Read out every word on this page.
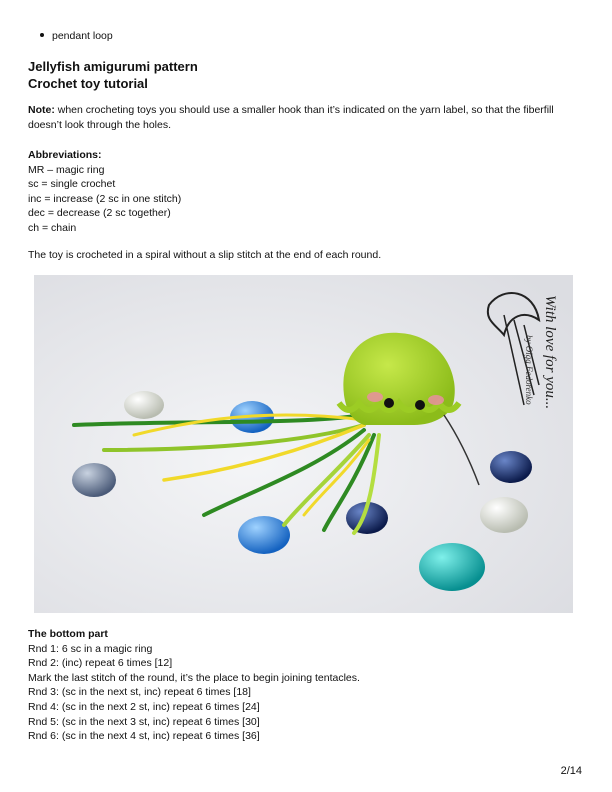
pendant loop
Jellyfish amigurumi pattern
Crochet toy tutorial
Note: when crocheting toys you should use a smaller hook than it’s indicated on the yarn label, so that the fiberfill doesn’t look through the holes.
Abbreviations:
MR – magic ring
sc = single crochet
inc = increase (2 sc in one stitch)
dec = decrease (2 sc together)
ch = chain
The toy is crocheted in a spiral without a slip stitch at the end of each round.
With love for you...
by Olga Fedorenko
The bottom part
Rnd 1: 6 sc in a magic ring
Rnd 2: (inc) repeat 6 times [12]
Mark the last stitch of the round, it’s the place to begin joining tentacles.
Rnd 3: (sc in the next st, inc) repeat 6 times [18]
Rnd 4: (sc in the next 2 st, inc) repeat 6 times [24]
Rnd 5: (sc in the next 3 st, inc) repeat 6 times [30]
Rnd 6: (sc in the next 4 st, inc) repeat 6 times [36]
2/14
